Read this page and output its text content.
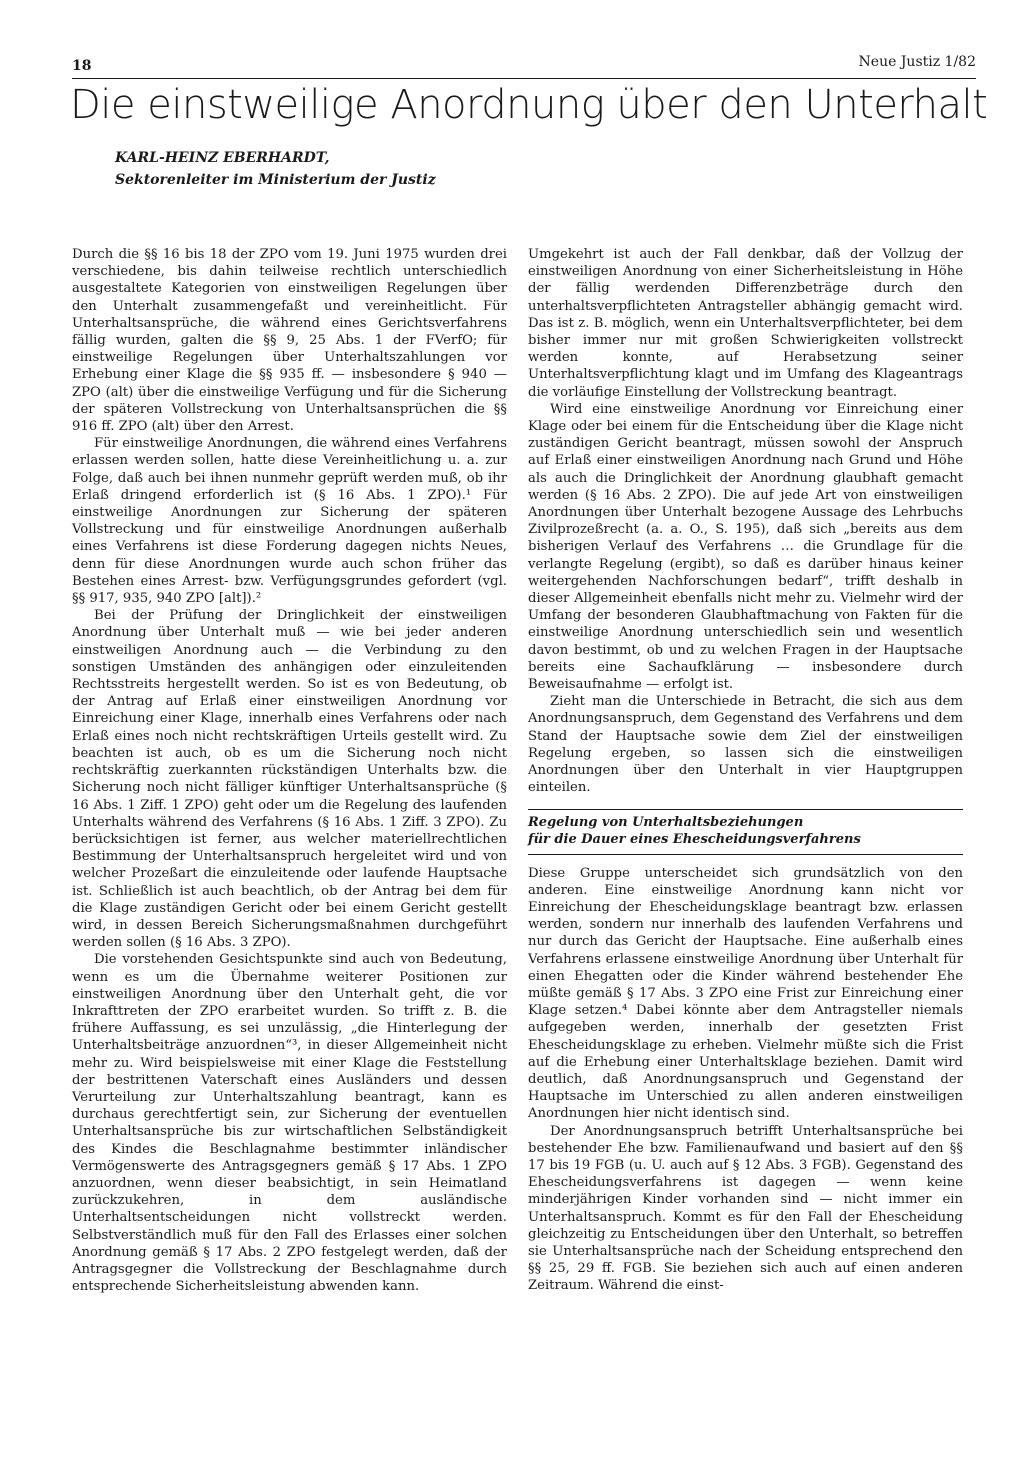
18	Neue Justiz 1/82
Die einstweilige Anordnung über den Unterhalt
KARL-HEINZ EBERHARDT,
Sektorenleiter im Ministerium der Justiz

Durch die §§ 16 bis 18 der ZPO vom 19. Juni 1975 wurden drei verschiedene, bis dahin teilweise rechtlich unterschiedlich ausgestaltete Kategorien von einstweiligen Regelungen über den Unterhalt zusammengefaßt und vereinheitlicht. Für Unterhaltsansprüche, die während eines Gerichtsverfahrens fällig wurden, galten die §§ 9, 25 Abs. 1 der FVerfO; für einstweilige Regelungen über Unterhaltszahlungen vor Erhebung einer Klage die §§ 935 ff. — insbesondere § 940 — ZPO (alt) über die einstweilige Verfügung und für die Sicherung der späteren Vollstreckung von Unterhaltsansprüchen die §§ 916 ff. ZPO (alt) über den Arrest.

Für einstweilige Anordnungen, die während eines Verfahrens erlassen werden sollen, hatte diese Vereinheitlichung u. a. zur Folge, daß auch bei ihnen nunmehr geprüft werden muß, ob ihr Erlaß dringend erforderlich ist (§ 16 Abs. 1 ZPO).¹ Für einstweilige Anordnungen zur Sicherung der späteren Vollstreckung und für einstweilige Anordnungen außerhalb eines Verfahrens ist diese Forderung dagegen nichts Neues, denn für diese Anordnungen wurde auch schon früher das Bestehen eines Arrest- bzw. Verfügungsgrundes gefordert (vgl. §§ 917, 935, 940 ZPO [alt]).²

Bei der Prüfung der Dringlichkeit der einstweiligen Anordnung über Unterhalt muß — wie bei jeder anderen einstweiligen Anordnung auch — die Verbindung zu den sonstigen Umständen des anhängigen oder einzuleitenden Rechtsstreits hergestellt werden. So ist es von Bedeutung, ob der Antrag auf Erlaß einer einstweiligen Anordnung vor Einreichung einer Klage, innerhalb eines Verfahrens oder nach Erlaß eines noch nicht rechtskräftigen Urteils gestellt wird. Zu beachten ist auch, ob es um die Sicherung noch nicht rechtskräftig zuerkannten rückständigen Unterhalts bzw. die Sicherung noch nicht fälliger künftiger Unterhaltsansprüche (§ 16 Abs. 1 Ziff. 1 ZPO) geht oder um die Regelung des laufenden Unterhalts während des Verfahrens (§ 16 Abs. 1 Ziff. 3 ZPO). Zu berücksichtigen ist ferner, aus welcher materiellrechtlichen Bestimmung der Unterhaltsanspruch hergeleitet wird und von welcher Prozeßart die einzuleitende oder laufende Hauptsache ist. Schließlich ist auch beachtlich, ob der Antrag bei dem für die Klage zuständigen Gericht oder bei einem Gericht gestellt wird, in dessen Bereich Sicherungsmaßnahmen durchgeführt werden sollen (§ 16 Abs. 3 ZPO).

Die vorstehenden Gesichtspunkte sind auch von Bedeutung, wenn es um die Übernahme weiterer Positionen zur einstweiligen Anordnung über den Unterhalt geht, die vor Inkrafttreten der ZPO erarbeitet wurden. So trifft z. B. die frühere Auffassung, es sei unzulässig, „die Hinterlegung der Unterhaltsbeiträge anzuordnen“³, in dieser Allgemeinheit nicht mehr zu. Wird beispielsweise mit einer Klage die Feststellung der bestrittenen Vaterschaft eines Ausländers und dessen Verurteilung zur Unterhaltszahlung beantragt, kann es durchaus gerechtfertigt sein, zur Sicherung der eventuellen Unterhaltsansprüche bis zur wirtschaftlichen Selbständigkeit des Kindes die Beschlagnahme bestimmter inländischer Vermögenswerte des Antragsgegners gemäß § 17 Abs. 1 ZPO anzuordnen, wenn dieser beabsichtigt, in sein Heimatland zurückzukehren, in dem ausländische Unterhaltsentscheidungen nicht vollstreckt werden. Selbstverständlich muß für den Fall des Erlasses einer solchen Anordnung gemäß § 17 Abs. 2 ZPO festgelegt werden, daß der Antragsgegner die Vollstreckung der Beschlagnahme durch entsprechende Sicherheitsleistung abwenden kann.

Umgekehrt ist auch der Fall denkbar, daß der Vollzug der einstweiligen Anordnung von einer Sicherheitsleistung in Höhe der fällig werdenden Differenzbeträge durch den unterhaltsverpflichteten Antragsteller abhängig gemacht wird. Das ist z. B. möglich, wenn ein Unterhaltsverpflichteter, bei dem bisher immer nur mit großen Schwierigkeiten vollstreckt werden konnte, auf Herabsetzung seiner Unterhaltsverpflichtung klagt und im Umfang des Klageantrags die vorläufige Einstellung der Vollstreckung beantragt.

Wird eine einstweilige Anordnung vor Einreichung einer Klage oder bei einem für die Entscheidung über die Klage nicht zuständigen Gericht beantragt, müssen sowohl der Anspruch auf Erlaß einer einstweiligen Anordnung nach Grund und Höhe als auch die Dringlichkeit der Anordnung glaubhaft gemacht werden (§ 16 Abs. 2 ZPO). Die auf jede Art von einstweiligen Anordnungen über Unterhalt bezogene Aussage des Lehrbuchs Zivilprozeßrecht (a. a. O., S. 195), daß sich „bereits aus dem bisherigen Verlauf des Verfahrens … die Grundlage für die verlangte Regelung (ergibt), so daß es darüber hinaus keiner weitergehenden Nachforschungen bedarf“, trifft deshalb in dieser Allgemeinheit ebenfalls nicht mehr zu. Vielmehr wird der Umfang der besonderen Glaubhaftmachung von Fakten für die einstweilige Anordnung unterschiedlich sein und wesentlich davon bestimmt, ob und zu welchen Fragen in der Hauptsache bereits eine Sachaufklärung — insbesondere durch Beweisaufnahme — erfolgt ist.

Zieht man die Unterschiede in Betracht, die sich aus dem Anordnungsanspruch, dem Gegenstand des Verfahrens und dem Stand der Hauptsache sowie dem Ziel der einstweiligen Regelung ergeben, so lassen sich die einstweiligen Anordnungen über den Unterhalt in vier Hauptgruppen einteilen.

Regelung von Unterhaltsbeziehungen
für die Dauer eines Ehescheidungsverfahrens

Diese Gruppe unterscheidet sich grundsätzlich von den anderen. Eine einstweilige Anordnung kann nicht vor Einreichung der Ehescheidungsklage beantragt bzw. erlassen werden, sondern nur innerhalb des laufenden Verfahrens und nur durch das Gericht der Hauptsache. Eine außerhalb eines Verfahrens erlassene einstweilige Anordnung über Unterhalt für einen Ehegatten oder die Kinder während bestehender Ehe müßte gemäß § 17 Abs. 3 ZPO eine Frist zur Einreichung einer Klage setzen.⁴ Dabei könnte aber dem Antragsteller niemals aufgegeben werden, innerhalb der gesetzten Frist Ehescheidungsklage zu erheben. Vielmehr müßte sich die Frist auf die Erhebung einer Unterhaltsklage beziehen. Damit wird deutlich, daß Anordnungsanspruch und Gegenstand der Hauptsache im Unterschied zu allen anderen einstweiligen Anordnungen hier nicht identisch sind.

Der Anordnungsanspruch betrifft Unterhaltsansprüche bei bestehender Ehe bzw. Familienaufwand und basiert auf den §§ 17 bis 19 FGB (u. U. auch auf § 12 Abs. 3 FGB). Gegenstand des Ehescheidungsverfahrens ist dagegen — wenn keine minderjährigen Kinder vorhanden sind — nicht immer ein Unterhaltsanspruch. Kommt es für den Fall der Ehescheidung gleichzeitig zu Entscheidungen über den Unterhalt, so betreffen sie Unterhaltsansprüche nach der Scheidung entsprechend den §§ 25, 29 ff. FGB. Sie beziehen sich auch auf einen anderen Zeitraum. Während die einst-
